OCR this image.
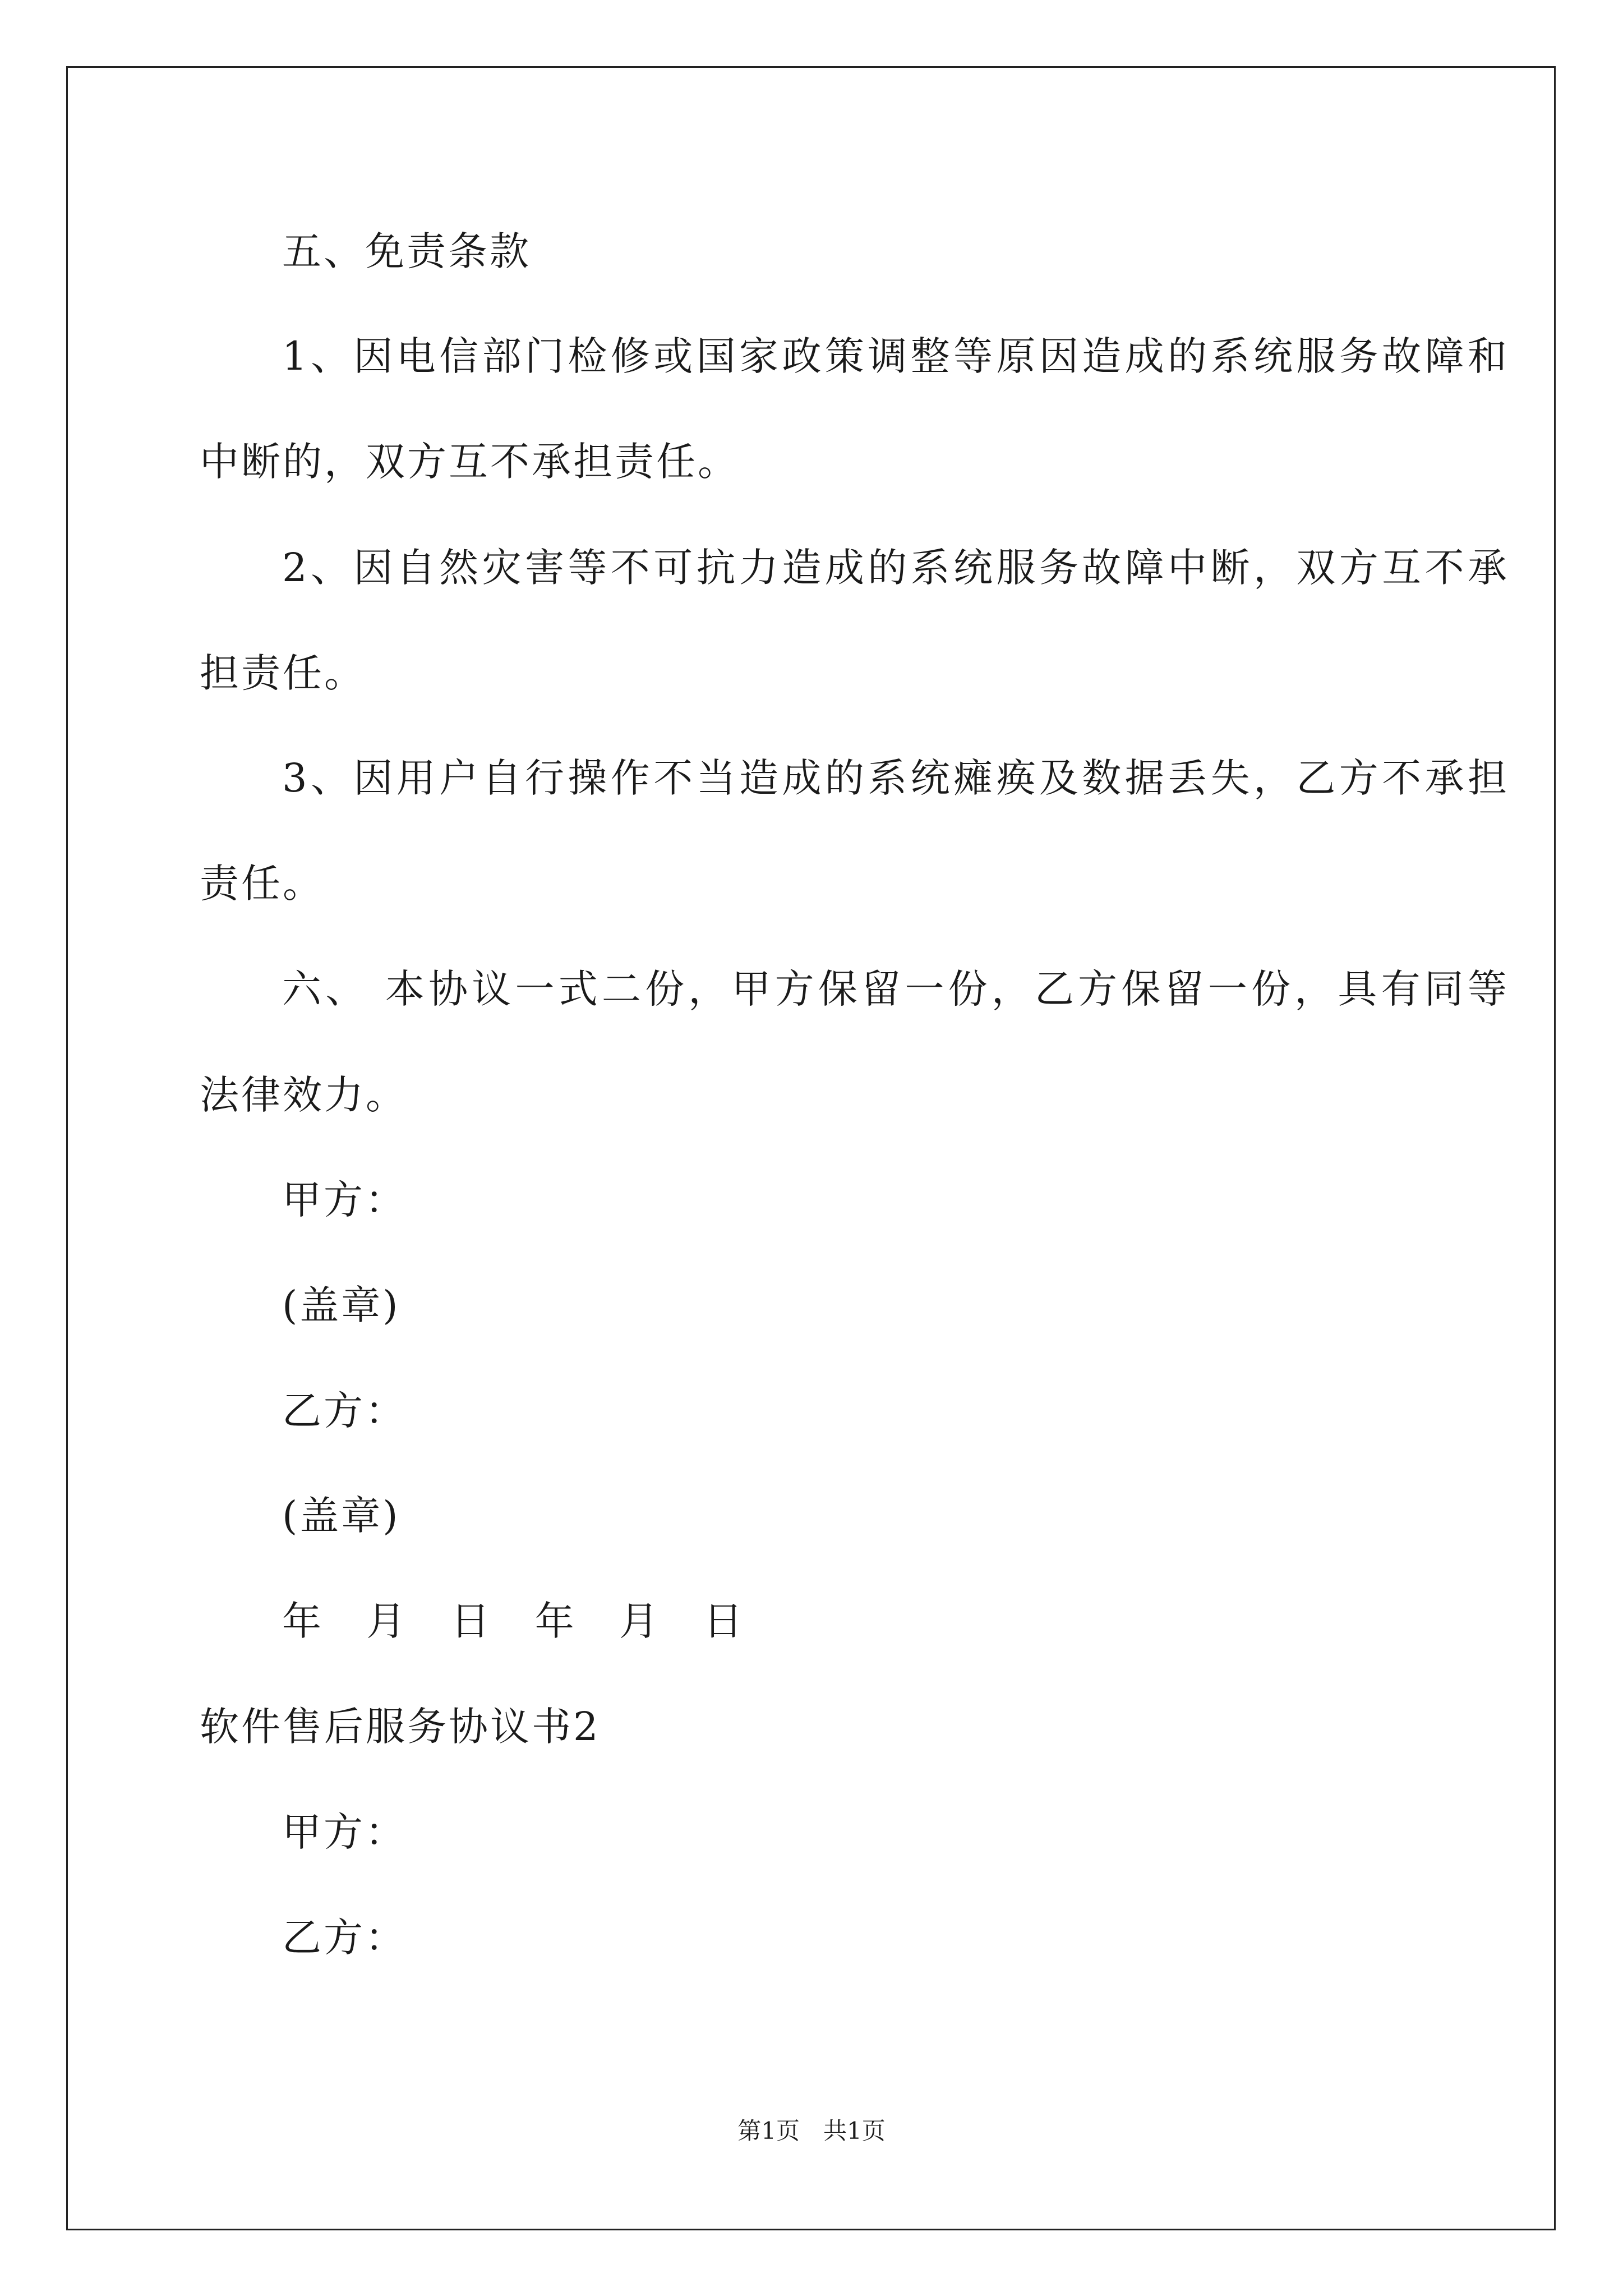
五、免责条款
1、因电信部门检修或国家政策调整等原因造成的系统服务故障和
中断的，双方互不承担责任。
2、因自然灾害等不可抗力造成的系统服务故障中断，双方互不承
担责任。
3、因用户自行操作不当造成的系统瘫痪及数据丢失，乙方不承担
责任。
六、 本协议一式二份，甲方保留一份，乙方保留一份，具有同等
法律效力。
甲方：
(盖章)
乙方：
(盖章)
年 月 日 年 月 日
软件售后服务协议书2
甲方：
乙方：
第1页　共1页
